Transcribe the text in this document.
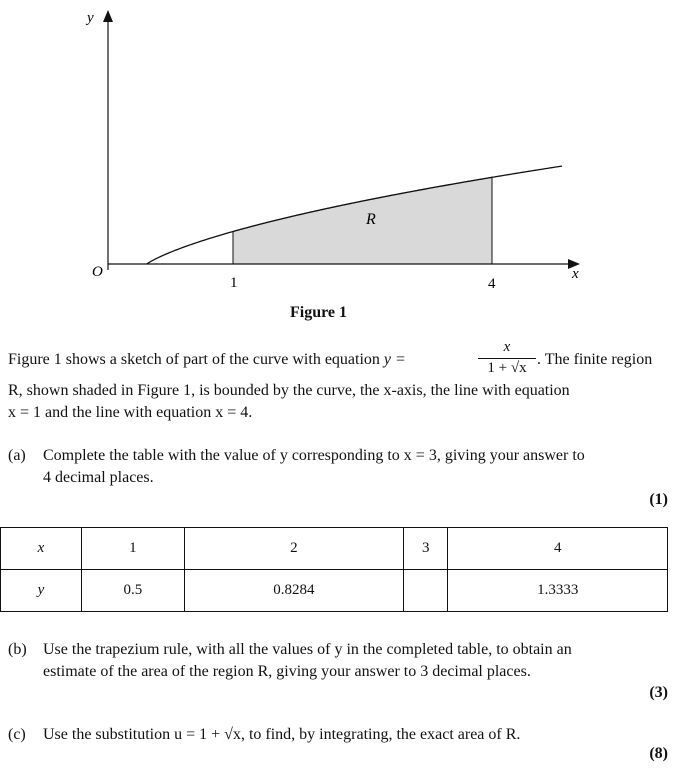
y
x
O
1	4
R
Figure 1
Figure 1 shows a sketch of part of the curve with equation y =
x
1 + √x . The finite region
R, shown shaded in Figure 1, is bounded by the curve, the x-axis, the line with equation
x = 1 and the line with equation x = 4.
(a) Complete the table with the value of y corresponding to x = 3, giving your answer to
4 decimal places.
(1)
x	1	2	3	4
y	0.5	0.8284		1.3333
(b) Use the trapezium rule, with all the values of y in the completed table, to obtain an
estimate of the area of the region R, giving your answer to 3 decimal places.
(3)
(c) Use the substitution u = 1 + √x, to find, by integrating, the exact area of R.
(8)
